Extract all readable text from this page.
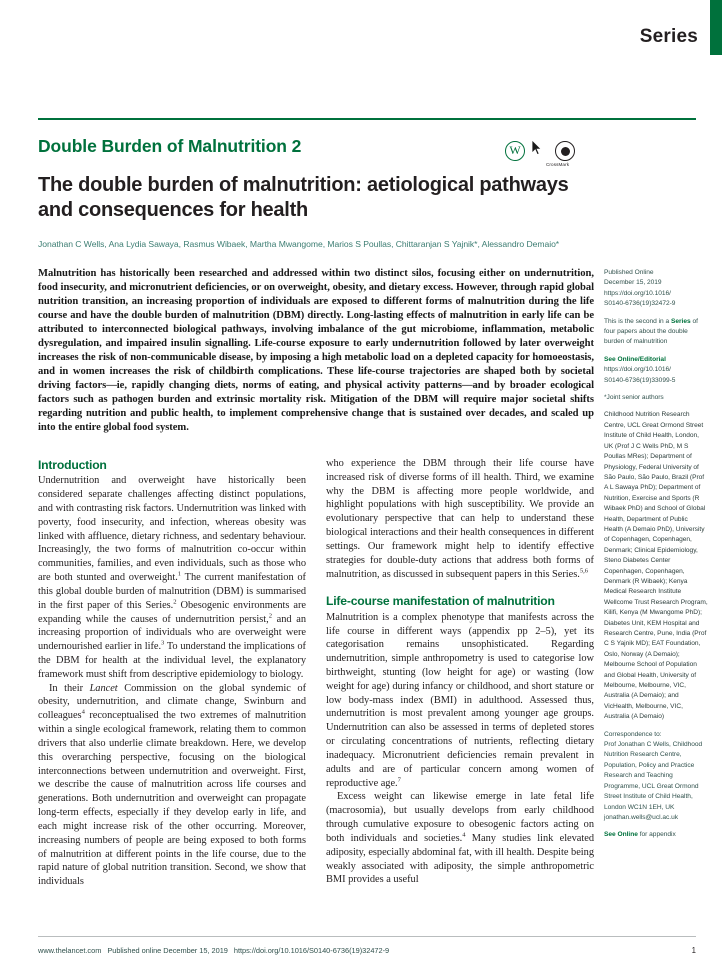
Series
Double Burden of Malnutrition 2
The double burden of malnutrition: aetiological pathways and consequences for health
Jonathan C Wells, Ana Lydia Sawaya, Rasmus Wibaek, Martha Mwangome, Marios S Poullas, Chittaranjan S Yajnik*, Alessandro Demaio*
W
CrossMark

Malnutrition has historically been researched and addressed within two distinct silos, focusing either on undernutrition, food insecurity, and micronutrient deficiencies, or on overweight, obesity, and dietary excess. However, through rapid global nutrition transition, an increasing proportion of individuals are exposed to different forms of malnutrition during the life course and have the double burden of malnutrition (DBM) directly. Long-lasting effects of malnutrition in early life can be attributed to interconnected biological pathways, involving imbalance of the gut microbiome, inflammation, metabolic dysregulation, and impaired insulin signalling. Life-course exposure to early undernutrition followed by later overweight increases the risk of non-communicable disease, by imposing a high metabolic load on a depleted capacity for homoeostasis, and in women increases the risk of childbirth complications. These life-course trajectories are shaped both by societal driving factors—ie, rapidly changing diets, norms of eating, and physical activity patterns—and by broader ecological factors such as pathogen burden and extrinsic mortality risk. Mitigation of the DBM will require major societal shifts regarding nutrition and public health, to implement comprehensive change that is sustained over decades, and scaled up into the entire global food system.

Introduction

Undernutrition and overweight have historically been considered separate challenges affecting distinct populations, and with contrasting risk factors. Undernutrition was linked with poverty, food insecurity, and infection, whereas obesity was linked with affluence, dietary richness, and sedentary behaviour. Increasingly, the two forms of malnutrition co-occur within communities, families, and even individuals, such as those who are both stunted and overweight.$^1$ The current manifestation of this global double burden of malnutrition (DBM) is summarised in the first paper of this Series.$^2$ Obesogenic environments are expanding while the causes of undernutrition persist,$^2$ and an increasing proportion of individuals who are overweight were undernourished earlier in life.$^3$ To understand the implications of the DBM for health at the individual level, the explanatory framework must shift from descriptive epidemiology to biology.

In their Lancet Commission on the global syndemic of obesity, undernutrition, and climate change, Swinburn and colleagues$^4$ reconceptualised the two extremes of malnutrition within a single ecological framework, relating them to common drivers that also underlie climate breakdown. Here, we develop this overarching perspective, focusing on the biological interconnections between undernutrition and overweight. First, we describe the cause of malnutrition across life courses and generations. Both undernutrition and overweight can propagate long-term effects, especially if they develop early in life, and each might increase risk of the other occurring. Moreover, increasing numbers of people are being exposed to both forms of malnutrition at different points in the life course, due to the rapid nature of global nutrition transition. Second, we show that individuals

who experience the DBM through their life course have increased risk of diverse forms of ill health. Third, we examine why the DBM is affecting more people worldwide, and highlight populations with high susceptibility. We provide an evolutionary perspective that can help to understand these biological interactions and their health consequences in different settings. Our framework might help to identify effective strategies for double-duty actions that address both forms of malnutrition, as discussed in subsequent papers in this Series.$^{5,6}$

Life-course manifestation of malnutrition

Malnutrition is a complex phenotype that manifests across the life course in different ways (appendix pp 2–5), yet its categorisation remains unsophisticated. Regarding undernutrition, simple anthropometry is used to categorise low birthweight, stunting (low height for age) or wasting (low weight for age) during infancy or childhood, and short stature or low body-mass index (BMI) in adulthood. Assessed thus, undernutrition is most prevalent among younger age groups. Undernutrition can also be assessed in terms of depleted stores or circulating concentrations of nutrients, reflecting dietary inadequacy. Micronutrient deficiencies remain prevalent in adults and are of particular concern among women of reproductive age.$^7$

Excess weight can likewise emerge in late fetal life (macrosomia), but usually develops from early childhood through cumulative exposure to obesogenic factors acting on both individuals and societies.$^4$ Many studies link elevated adiposity, especially abdominal fat, with ill health. Despite being weakly associated with adiposity, the simple anthropometric BMI provides a useful

Published Online
December 15, 2019
https://doi.org/10.1016/
S0140-6736(19)32472-9

This is the second in a Series of four papers about the double burden of malnutrition

See Online/Editorial
https://doi.org/10.1016/
S0140-6736(19)33099-5

*Joint senior authors

Childhood Nutrition Research Centre, UCL Great Ormond Street Institute of Child Health, London, UK (Prof J C Wells PhD, M S Poullas MRes); Department of Physiology, Federal University of São Paulo, São Paulo, Brazil (Prof A L Sawaya PhD); Department of Nutrition, Exercise and Sports (R Wibaek PhD) and School of Global Health, Department of Public Health (A Demaio PhD), University of Copenhagen, Copenhagen, Denmark; Clinical Epidemiology, Steno Diabetes Center Copenhagen, Copenhagen, Denmark (R Wibaek); Kenya Medical Research Institute Wellcome Trust Research Program, Kilifi, Kenya (M Mwangome PhD); Diabetes Unit, KEM Hospital and Research Centre, Pune, India (Prof C S Yajnik MD); EAT Foundation, Oslo, Norway (A Demaio); Melbourne School of Population and Global Health, University of Melbourne, Melbourne, VIC, Australia (A Demaio); and VicHealth, Melbourne, VIC, Australia (A Demaio)

Correspondence to:
Prof Jonathan C Wells, Childhood Nutrition Research Centre, Population, Policy and Practice Research and Teaching Programme, UCL Great Ormond Street Institute of Child Health, London WC1N 1EH, UK
jonathan.wells@ucl.ac.uk

See Online for appendix

www.thelancet.com Published online December 15, 2019 https://doi.org/10.1016/S0140-6736(19)32472-9	1
